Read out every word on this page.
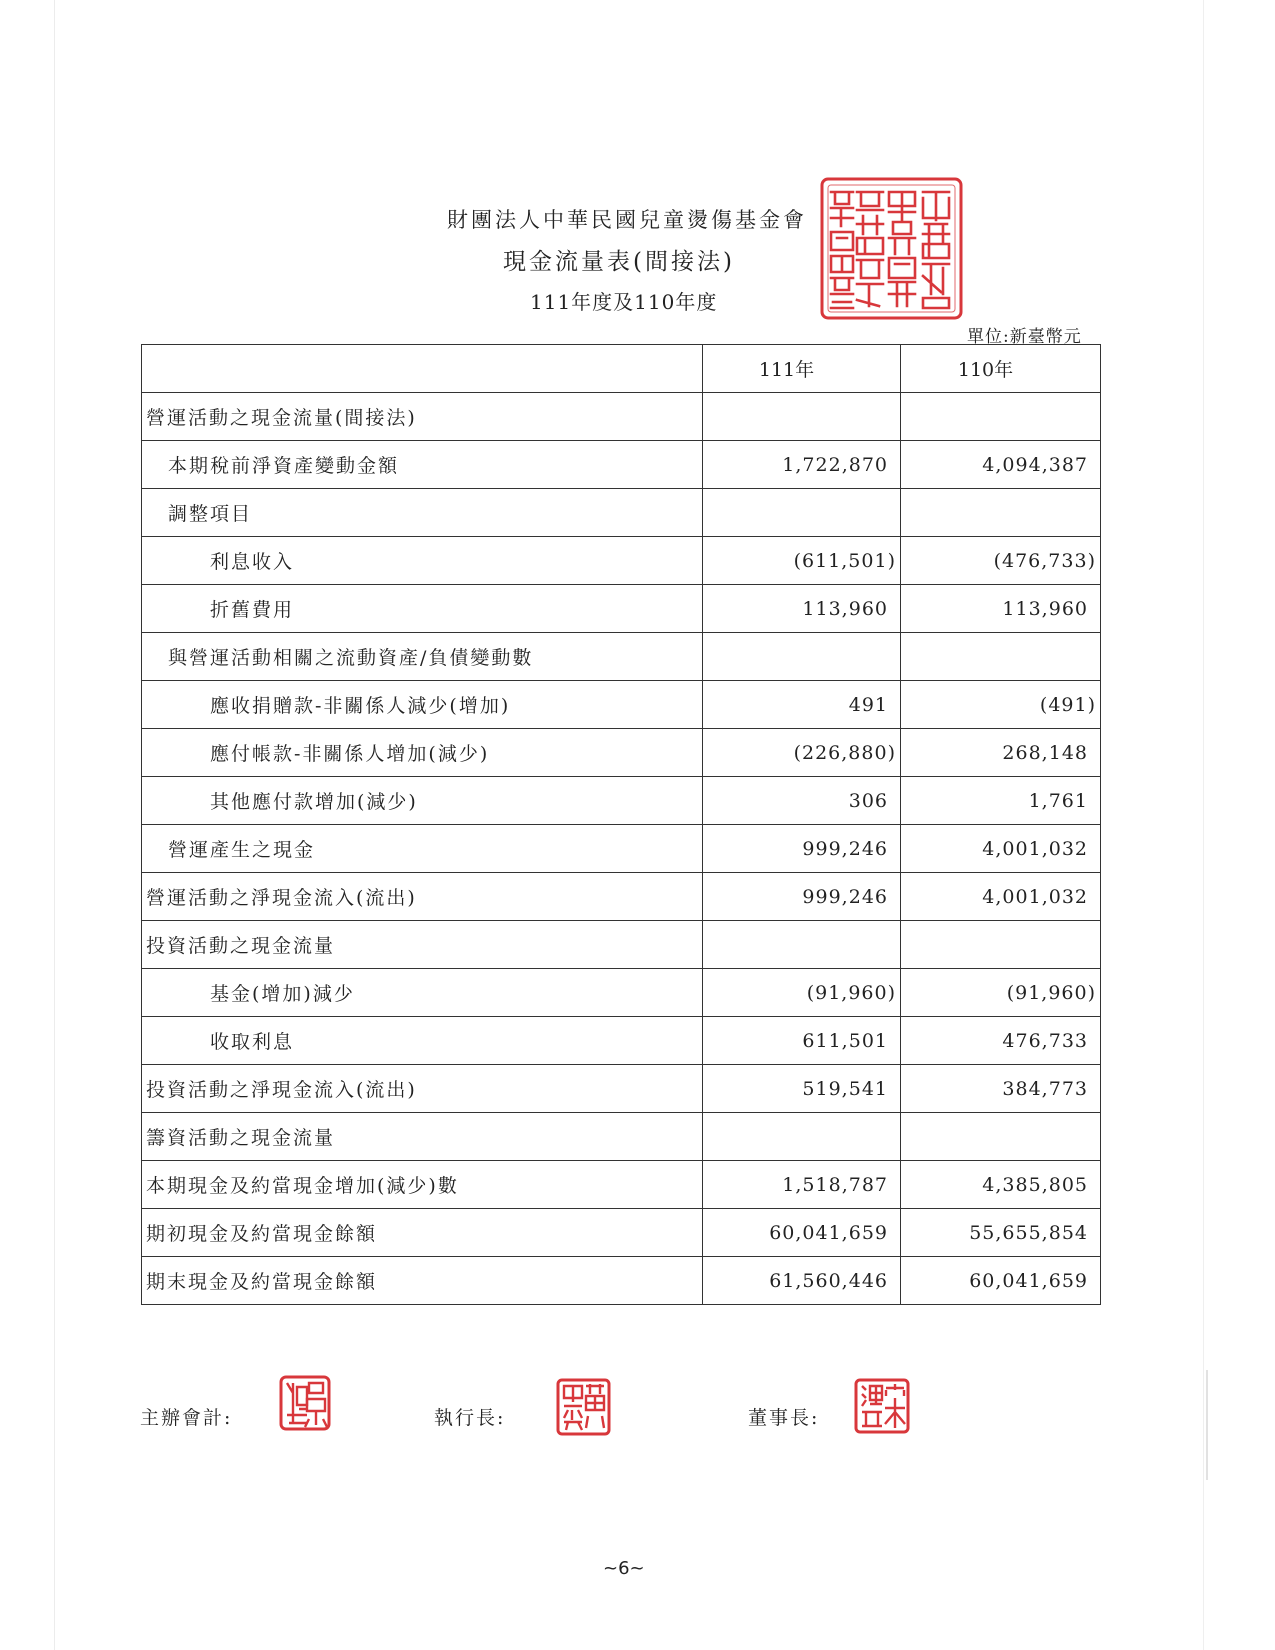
財團法人中華民國兒童燙傷基金會
現金流量表(間接法)
111年度及110年度
單位:新臺幣元
	111年	110年
營運活動之現金流量(間接法)		
本期稅前淨資產變動金額	1,722,870	4,094,387
調整項目		
利息收入	(611,501)	(476,733)
折舊費用	113,960	113,960
與營運活動相關之流動資產/負債變動數		
應收捐贈款-非關係人減少(增加)	491	(491)
應付帳款-非關係人增加(減少)	(226,880)	268,148
其他應付款增加(減少)	306	1,761
營運產生之現金	999,246	4,001,032
營運活動之淨現金流入(流出)	999,246	4,001,032
投資活動之現金流量		
基金(增加)減少	(91,960)	(91,960)
收取利息	611,501	476,733
投資活動之淨現金流入(流出)	519,541	384,773
籌資活動之現金流量		
本期現金及約當現金增加(減少)數	1,518,787	4,385,805
期初現金及約當現金餘額	60,041,659	55,655,854
期末現金及約當現金餘額	61,560,446	60,041,659
主辦會計:	執行長:	董事長:
~6~
